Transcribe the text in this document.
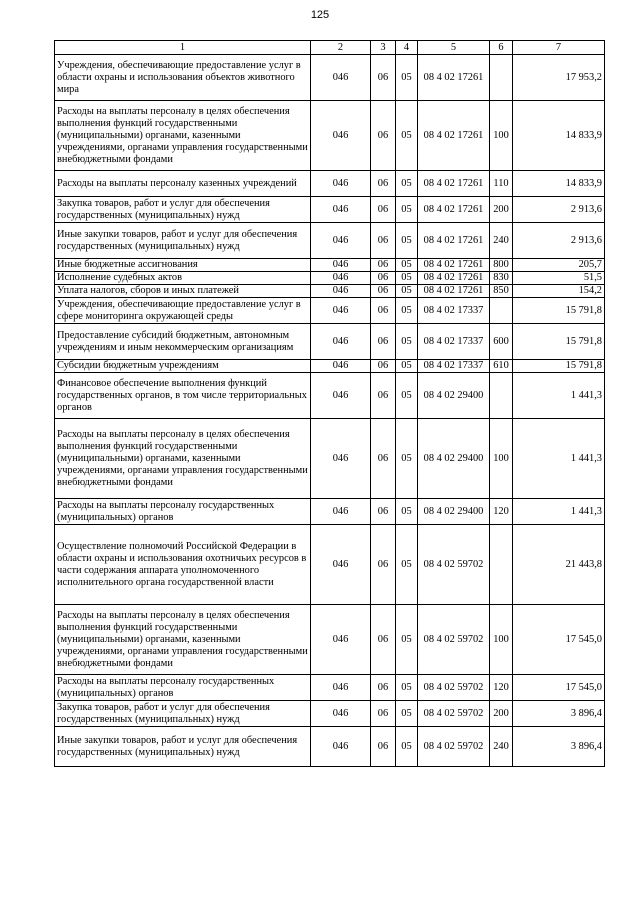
125
1	2	3	4	5	6	7
Учреждения, обеспечивающие предоставление услуг в области охраны и использования объектов животного мира	046	06	05	08 4 02 17261		17 953,2
Расходы на выплаты персоналу в целях обеспечения выполнения функций государственными (муниципальными) органами, казенными учреждениями, органами управления государственными внебюджетными фондами	046	06	05	08 4 02 17261	100	14 833,9
Расходы на выплаты персоналу казенных учреждений	046	06	05	08 4 02 17261	110	14 833,9
Закупка товаров, работ и услуг для обеспечения государственных (муниципальных) нужд	046	06	05	08 4 02 17261	200	2 913,6
Иные закупки товаров, работ и услуг для обеспечения государственных (муниципальных) нужд	046	06	05	08 4 02 17261	240	2 913,6
Иные бюджетные ассигнования	046	06	05	08 4 02 17261	800	205,7
Исполнение судебных актов	046	06	05	08 4 02 17261	830	51,5
Уплата налогов, сборов и иных платежей	046	06	05	08 4 02 17261	850	154,2
Учреждения, обеспечивающие предоставление услуг в сфере мониторинга окружающей среды	046	06	05	08 4 02 17337		15 791,8
Предоставление субсидий бюджетным, автономным учреждениям и иным некоммерческим организациям	046	06	05	08 4 02 17337	600	15 791,8
Субсидии бюджетным учреждениям	046	06	05	08 4 02 17337	610	15 791,8
Финансовое обеспечение выполнения функций государственных органов, в том числе территориальных органов	046	06	05	08 4 02 29400		1 441,3
Расходы на выплаты персоналу в целях обеспечения выполнения функций государственными (муниципальными) органами, казенными учреждениями, органами управления государственными внебюджетными фондами	046	06	05	08 4 02 29400	100	1 441,3
Расходы на выплаты персоналу государственных (муниципальных) органов	046	06	05	08 4 02 29400	120	1 441,3
Осуществление полномочий Российской Федерации в области охраны и использования охотничьих ресурсов в части содержания аппарата уполномоченного исполнительного органа государственной власти	046	06	05	08 4 02 59702		21 443,8
Расходы на выплаты персоналу в целях обеспечения выполнения функций государственными (муниципальными) органами, казенными учреждениями, органами управления государственными внебюджетными фондами	046	06	05	08 4 02 59702	100	17 545,0
Расходы на выплаты персоналу государственных (муниципальных) органов	046	06	05	08 4 02 59702	120	17 545,0
Закупка товаров, работ и услуг для обеспечения государственных (муниципальных) нужд	046	06	05	08 4 02 59702	200	3 896,4
Иные закупки товаров, работ и услуг для обеспечения государственных (муниципальных) нужд	046	06	05	08 4 02 59702	240	3 896,4
